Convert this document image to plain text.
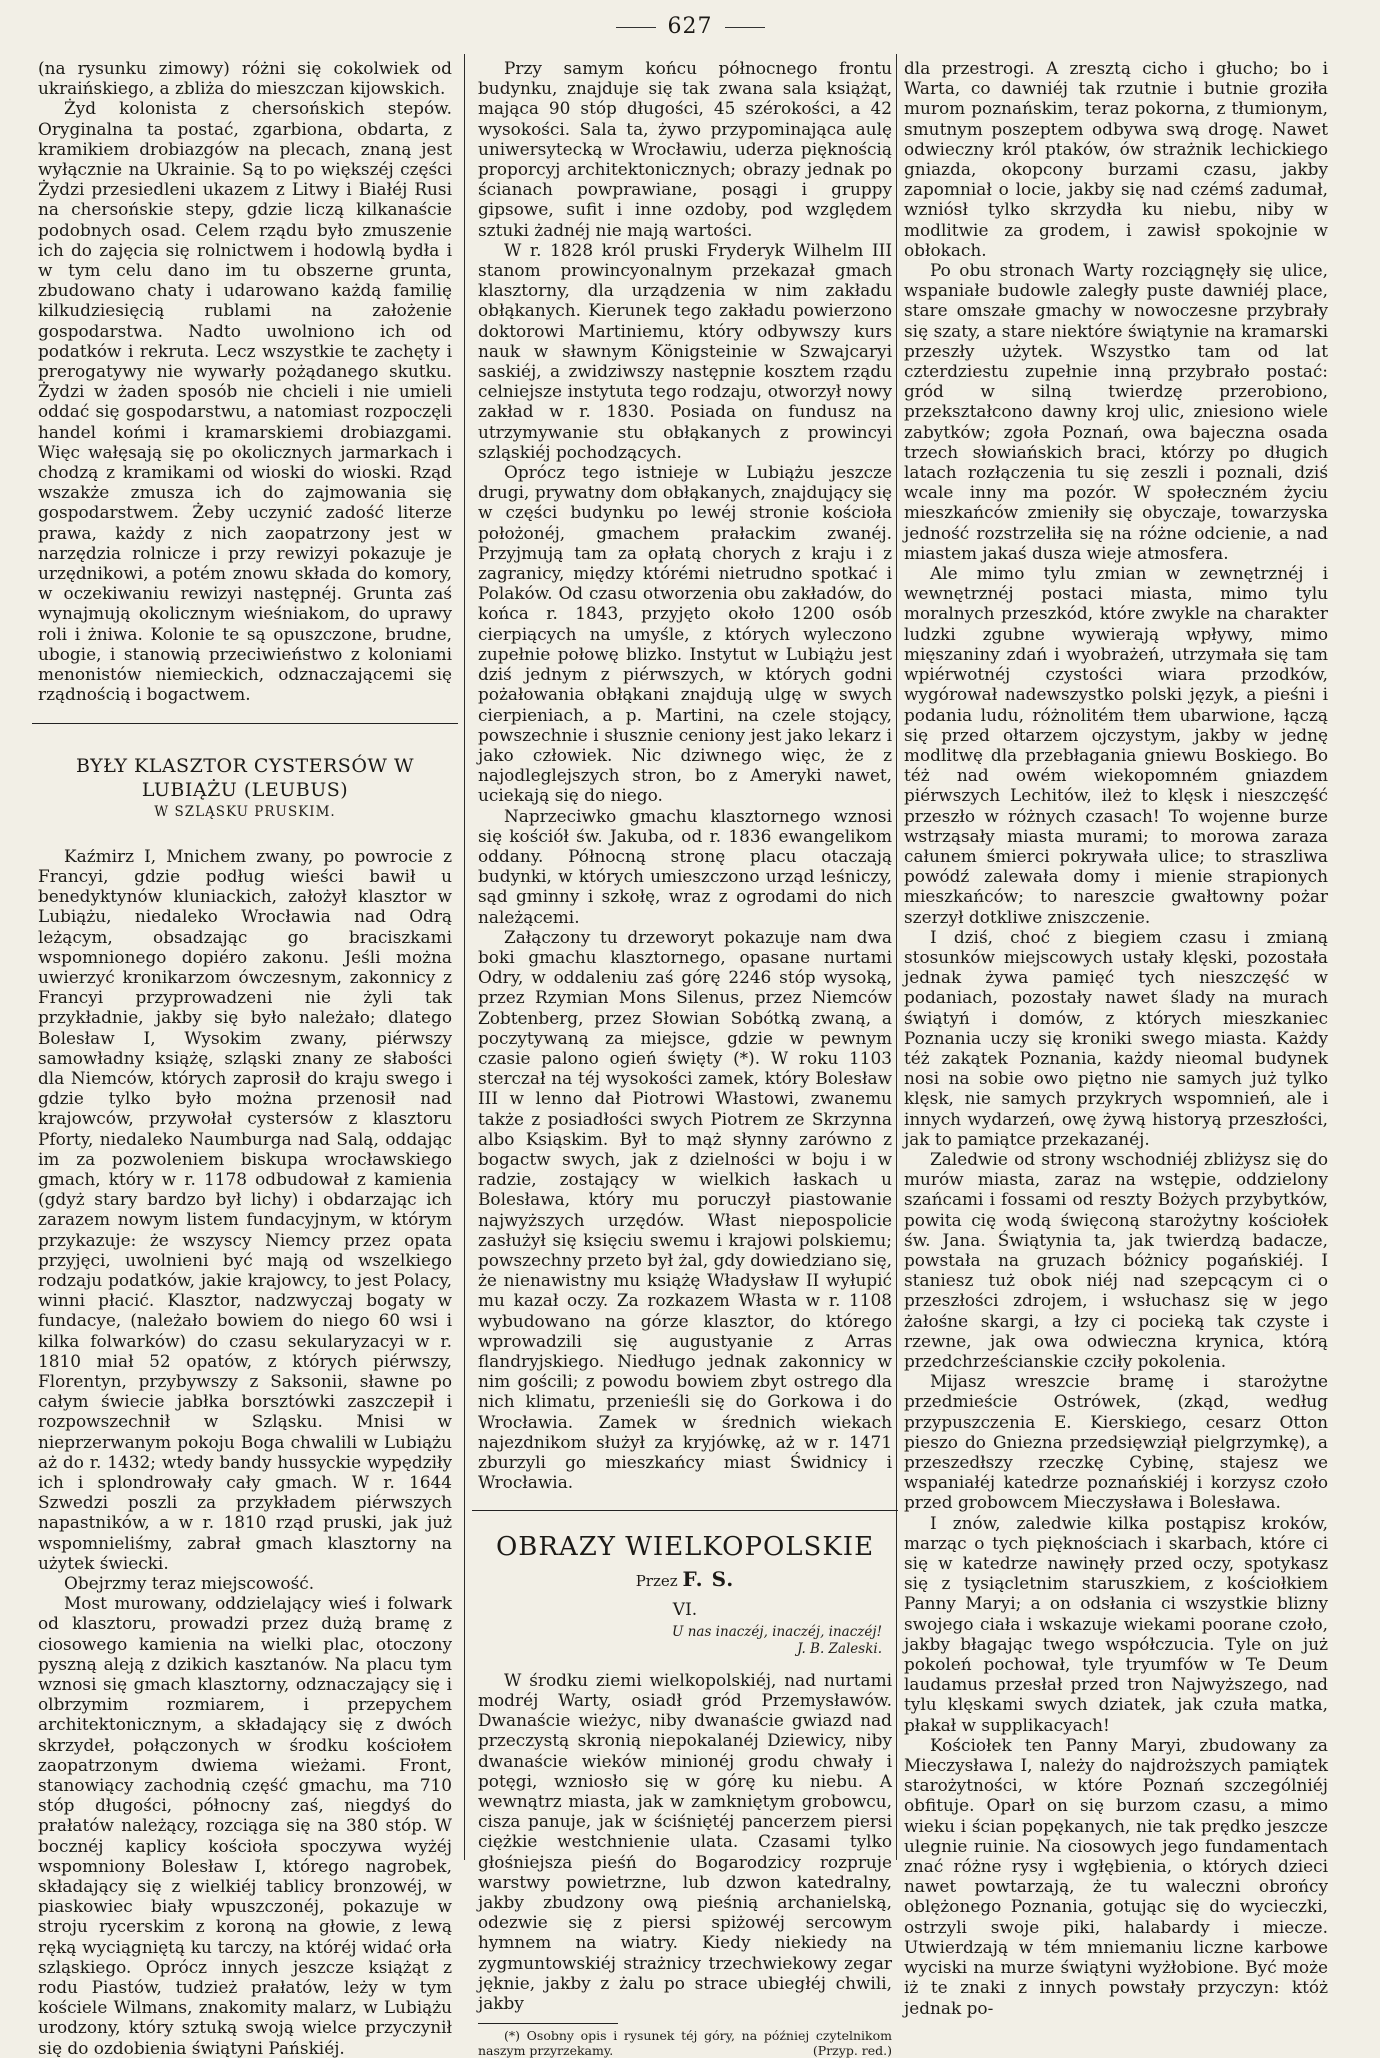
627

(na rysunku zimowy) różni się cokolwiek od ukraińskiego, a zbliża do mieszczan kijowskich.

Żyd kolonista z chersońskich stepów. Oryginalna ta postać, zgarbiona, obdarta, z kramikiem drobiazgów na plecach, znaną jest wyłącznie na Ukrainie. Są to po większéj części Żydzi przesiedleni ukazem z Litwy i Białéj Rusi na chersońskie stepy, gdzie liczą kilkanaście podobnych osad. Celem rządu było zmuszenie ich do zajęcia się rolnictwem i hodowlą bydła i w tym celu dano im tu obszerne grunta, zbudowano chaty i udarowano każdą familię kilkudziesięcią rublami na założenie gospodarstwa. Nadto uwolniono ich od podatków i rekruta. Lecz wszystkie te zachęty i prerogatywy nie wywarły pożądanego skutku. Żydzi w żaden sposób nie chcieli i nie umieli oddać się gospodarstwu, a natomiast rozpoczęli handel końmi i kramarskiemi drobiazgami. Więc wałęsają się po okolicznych jarmarkach i chodzą z kramikami od wioski do wioski. Rząd wszakże zmusza ich do zajmowania się gospodarstwem. Żeby uczynić zadość literze prawa, każdy z nich zaopatrzony jest w narzędzia rolnicze i przy rewizyi pokazuje je urzędnikowi, a potém znowu składa do komory, w oczekiwaniu rewizyi następnéj. Grunta zaś wynajmują okolicznym wieśniakom, do uprawy roli i żniwa. Kolonie te są opuszczone, brudne, ubogie, i stanowią przeciwieństwo z koloniami menonistów niemieckich, odznaczającemi się rządnością i bogactwem.

BYŁY KLASZTOR CYSTERSÓW W LUBIĄŻU (LEUBUS)
W SZLĄSKU PRUSKIM.

Kaźmirz I, Mnichem zwany, po powrocie z Francyi, gdzie podług wieści bawił u benedyktynów kluniackich, założył klasztor w Lubiążu, niedaleko Wrocławia nad Odrą leżącym, obsadzając go braciszkami wspomnionego dopiéro zakonu. Jeśli można uwierzyć kronikarzom ówczesnym, zakonnicy z Francyi przyprowadzeni nie żyli tak przykładnie, jakby się było należało; dlatego Bolesław I, Wysokim zwany, piérwszy samowładny książę, szląski znany ze słabości dla Niemców, których zaprosił do kraju swego i gdzie tylko było można przenosił nad krajowców, przywołał cystersów z klasztoru Pforty, niedaleko Naumburga nad Salą, oddając im za pozwoleniem biskupa wrocławskiego gmach, który w r. 1178 odbudował z kamienia (gdyż stary bardzo był lichy) i obdarzając ich zarazem nowym listem fundacyjnym, w którym przykazuje: że wszyscy Niemcy przez opata przyjęci, uwolnieni być mają od wszelkiego rodzaju podatków, jakie krajowcy, to jest Polacy, winni płacić. Klasztor, nadzwyczaj bogaty w fundacye, (należało bowiem do niego 60 wsi i kilka folwarków) do czasu sekularyzacyi w r. 1810 miał 52 opatów, z których piérwszy, Florentyn, przybywszy z Saksonii, sławne po całym świecie jabłka borsztówki zaszczepił i rozpowszechnił w Szląsku. Mnisi w nieprzerwanym pokoju Boga chwalili w Lubiążu aż do r. 1432; wtedy bandy hussyckie wypędziły ich i splondrowały cały gmach. W r. 1644 Szwedzi poszli za przykładem piérwszych napastników, a w r. 1810 rząd pruski, jak już wspomnieliśmy, zabrał gmach klasztorny na użytek świecki.

Obejrzmy teraz miejscowość.

Most murowany, oddzielający wieś i folwark od klasztoru, prowadzi przez dużą bramę z ciosowego kamienia na wielki plac, otoczony pyszną aleją z dzikich kasztanów. Na placu tym wznosi się gmach klasztorny, odznaczający się i olbrzymim rozmiarem, i przepychem architektonicznym, a składający się z dwóch skrzydeł, połączonych w środku kościołem zaopatrzonym dwiema wieżami. Front, stanowiący zachodnią część gmachu, ma 710 stóp długości, północny zaś, niegdyś do prałatów należący, rozciąga się na 380 stóp. W bocznéj kaplicy kościoła spoczywa wyżéj wspomniony Bolesław I, którego nagrobek, składający się z wielkiéj tablicy bronzowéj, w piaskowiec biały wpuszczonéj, pokazuje w stroju rycerskim z koroną na głowie, z lewą ręką wyciągniętą ku tarczy, na któréj widać orła szląskiego. Oprócz innych jeszcze książąt z rodu Piastów, tudzież prałatów, leży w tym kościele Wilmans, znakomity malarz, w Lubiążu urodzony, który sztuką swoją wielce przyczynił się do ozdobienia świątyni Pańskiéj.

Przy samym końcu północnego frontu budynku, znajduje się tak zwana sala książąt, mająca 90 stóp długości, 45 szérokości, a 42 wysokości. Sala ta, żywo przypominająca aulę uniwersytecką w Wrocławiu, uderza pięknością proporcyj architektonicznych; obrazy jednak po ścianach powprawiane, posągi i gruppy gipsowe, sufit i inne ozdoby, pod względem sztuki żadnéj nie mają wartości.

W r. 1828 król pruski Fryderyk Wilhelm III stanom prowincyonalnym przekazał gmach klasztorny, dla urządzenia w nim zakładu obłąkanych. Kierunek tego zakładu powierzono doktorowi Martiniemu, który odbywszy kurs nauk w sławnym Königsteinie w Szwajcaryi saskiéj, a zwidziwszy następnie kosztem rządu celniejsze instytuta tego rodzaju, otworzył nowy zakład w r. 1830. Posiada on fundusz na utrzymywanie stu obłąkanych z prowincyi szląskiéj pochodzących.

Oprócz tego istnieje w Lubiążu jeszcze drugi, prywatny dom obłąkanych, znajdujący się w części budynku po lewéj stronie kościoła położonéj, gmachem prałackim zwanéj. Przyjmują tam za opłatą chorych z kraju i z zagranicy, między którémi nietrudno spotkać i Polaków. Od czasu otworzenia obu zakładów, do końca r. 1843, przyjęto około 1200 osób cierpiących na umyśle, z których wyleczono zupełnie połowę blizko. Instytut w Lubiążu jest dziś jednym z piérwszych, w których godni pożałowania obłąkani znajdują ulgę w swych cierpieniach, a p. Martini, na czele stojący, powszechnie i słusznie ceniony jest jako lekarz i jako człowiek. Nic dziwnego więc, że z najodleglejszych stron, bo z Ameryki nawet, uciekają się do niego.

Naprzeciwko gmachu klasztornego wznosi się kościół św. Jakuba, od r. 1836 ewangelikom oddany. Północną stronę placu otaczają budynki, w których umieszczono urząd leśniczy, sąd gminny i szkołę, wraz z ogrodami do nich należącemi.

Załączony tu drzeworyt pokazuje nam dwa boki gmachu klasztornego, opasane nurtami Odry, w oddaleniu zaś górę 2246 stóp wysoką, przez Rzymian Mons Silenus, przez Niemców Zobtenberg, przez Słowian Sobótką zwaną, a poczytywaną za miejsce, gdzie w pewnym czasie palono ogień święty (*). W roku 1103 sterczał na téj wysokości zamek, który Bolesław III w lenno dał Piotrowi Własto​wi, zwanemu także z posiadłości swych Piotrem ze Skrzynna albo Ksiąskim. Był to mąż słynny zarówno z bogactw swych, jak z dzielności w boju i w radzie, zostający w wielkich łaskach u Bolesława, który mu poruczył piastowanie najwyższych urzędów. Włast niepospolicie zasłużył się księciu swemu i krajowi polskiemu; powszechny przeto był żal, gdy dowiedziano się, że nienawistny mu książę Władysław II wyłupić mu kazał oczy. Za rozkazem Własta w r. 1108 wybudowano na górze klasztor, do którego wprowadzili się augustyanie z Arras flandryjskiego. Niedługo jednak zakonnicy w nim gościli; z powodu bowiem zbyt ostrego dla nich klimatu, przenieśli się do Gorkowa i do Wrocławia. Zamek w średnich wiekach najezdnikom służył za kryjówkę, aż w r. 1471 zburzyli go mieszkańcy miast Świdnicy i Wrocławia.

OBRAZY WIELKOPOLSKIE
Przez F. S.
VI.
U nas inaczéj, inaczéj, inaczéj!
J. B. Zaleski.

W środku ziemi wielkopolskiéj, nad nurtami modréj Warty, osiadł gród Przemysławów. Dwanaście wieżyc, niby dwanaście gwiazd nad przeczystą skronią niepokalanéj Dziewicy, niby dwanaście wieków minionéj grodu chwały i potęgi, wzniosło się w górę ku niebu. A wewnątrz miasta, jak w zamkniętym grobowcu, cisza panuje, jak w ściśniętéj pancerzem piersi ciężkie westchnienie ulata. Czasami tylko głośniejsza pieśń do Bogarodzicy rozpruje warstwy powietrzne, lub dzwon katedralny, jakby zbudzony ową pieśnią archanielską, odezwie się z piersi spiżowéj sercowym hymnem na wiatry. Kiedy niekiedy na zygmuntowskiéj strażnicy trzechwiekowy zegar jęknie, jakby z żalu po strace ubiegłéj chwili, jakby

(*) Osobny opis i rysunek téj góry, na później czytelnikom naszym przyrzekamy.	(Przyp. red.)

dla przestrogi. A zresztą cicho i głucho; bo i Warta, co dawniéj tak rzutnie i butnie groziła murom poznańskim, teraz pokorna, z tłumionym, smutnym poszeptem odbywa swą drogę. Nawet odwieczny król ptaków, ów strażnik lechickiego gniazda, okopcony burzami czasu, jakby zapomniał o locie, jakby się nad czémś zadumał, wzniósł tylko skrzydła ku niebu, niby w modlitwie za grodem, i zawisł spokojnie w obłokach.

Po obu stronach Warty rozciągnęły się ulice, wspaniałe budowle zaległy puste dawniéj place, stare omszałe gmachy w nowoczesne przybrały się szaty, a stare niektóre świątynie na kramarski przeszły użytek. Wszystko tam od lat czterdziestu zupełnie inną przybrało postać: gród w silną twierdzę przerobiono, przekształcono dawny kroj ulic, zniesiono wiele zabytków; zgoła Poznań, owa bajeczna osada trzech słowiańskich braci, którzy po długich latach rozłączenia tu się zeszli i poznali, dziś wcale inny ma pozór. W społeczném życiu mieszkańców zmieniły się obyczaje, towarzyska jedność rozstrzeliła się na różne odcienie, a nad miastem jakaś dusza wieje atmosfera.

Ale mimo tylu zmian w zewnętrznéj i wewnętrznéj postaci miasta, mimo tylu moralnych przeszkód, które zwykle na charakter ludzki zgubne wywierają wpływy, mimo mięszaniny zdań i wyobrażeń, utrzymała się tam wpiérwotnéj czystości wiara przodków, wygórował nadewszystko polski język, a pieśni i podania ludu, różnolitém tłem ubarwione, łączą się przed ołtarzem ojczystym, jakby w jednę modlitwę dla przebłagania gniewu Boskiego. Bo téż nad owém wiekopomném gniazdem piérwszych Lechitów, ileż to klęsk i nieszczęść przeszło w różnych czasach! To wojenne burze wstrząsały miasta murami; to morowa zaraza całunem śmierci pokrywała ulice; to straszliwa powódź zalewała domy i mienie strapionych mieszkańców; to nareszcie gwałtowny pożar szerzył dotkliwe zniszczenie.

I dziś, choć z biegiem czasu i zmianą stosunków miejscowych ustały klęski, pozostała jednak żywa pamięć tych nieszczęść w podaniach, pozostały nawet ślady na murach świątyń i domów, z których mieszkaniec Poznania uczy się kroniki swego miasta. Każdy téż zakątek Poznania, każdy nieomal budynek nosi na sobie owo piętno nie samych już tylko klęsk, nie samych przykrych wspomnień, ale i innych wydarzeń, owę żywą historyą przeszłości, jak to pamiątce przekazanéj.

Zaledwie od strony wschodniéj zbliżysz się do murów miasta, zaraz na wstępie, oddzielony szańcami i fossami od reszty Bożych przybytków, powita cię wodą święconą starożytny kościołek św. Jana. Świątynia ta, jak twierdzą badacze, powstała na gruzach bóżnicy pogańskiéj. I staniesz tuż obok niéj nad szepcącym ci o przeszłości zdrojem, i wsłuchasz się w jego żałośne skargi, a łzy ci pocieką tak czyste i rzewne, jak owa odwieczna krynica, którą przedchrześcianskie czciły pokolenia.

Mijasz wreszcie bramę i starożytne przedmieście Ostrówek, (zkąd, według przypuszczenia E. Kierskiego, cesarz Otton pieszo do Gniezna przedsięwziął pielgrzymkę), a przeszedłszy rzeczkę Cybinę, stajesz we wspaniałéj katedrze poznańskiéj i korzysz czoło przed grobowcem Mieczysława i Bolesława.

I znów, zaledwie kilka postąpisz kroków, marząc o tych pięknościach i skarbach, które ci się w katedrze nawinęły przed oczy, spotykasz się z tysiącletnim staruszkiem, z kościołkiem Panny Maryi; a on odsłania ci wszystkie blizny swojego ciała i wskazuje wiekami poorane czoło, jakby błagając twego współczucia. Tyle on już pokoleń pochował, tyle tryumfów w Te Deum laudamus przesłał przed tron Najwyższego, nad tylu klęskami swych dziatek, jak czuła matka, płakał w supplikacyach!

Kościołek ten Panny Maryi, zbudowany za Mieczysława I, należy do najdroższych pamiątek starożytności, w które Poznań szczególniéj obfituje. Oparł on się burzom czasu, a mimo wieku i ścian popękanych, nie tak prędko jeszcze ulegnie ruinie. Na ciosowych jego fundamentach znać różne rysy i wgłębienia, o których dzieci nawet powtarzają, że tu waleczni obrońcy oblężonego Poznania, gotując się do wycieczki, ostrzyli swoje piki, halabardy i miecze. Utwierdzają w tém mniemaniu liczne karbowe wyciski na murze świątyni wyżłobione. Być może iż te znaki z innych powstały przyczyn: któż jednak po-
